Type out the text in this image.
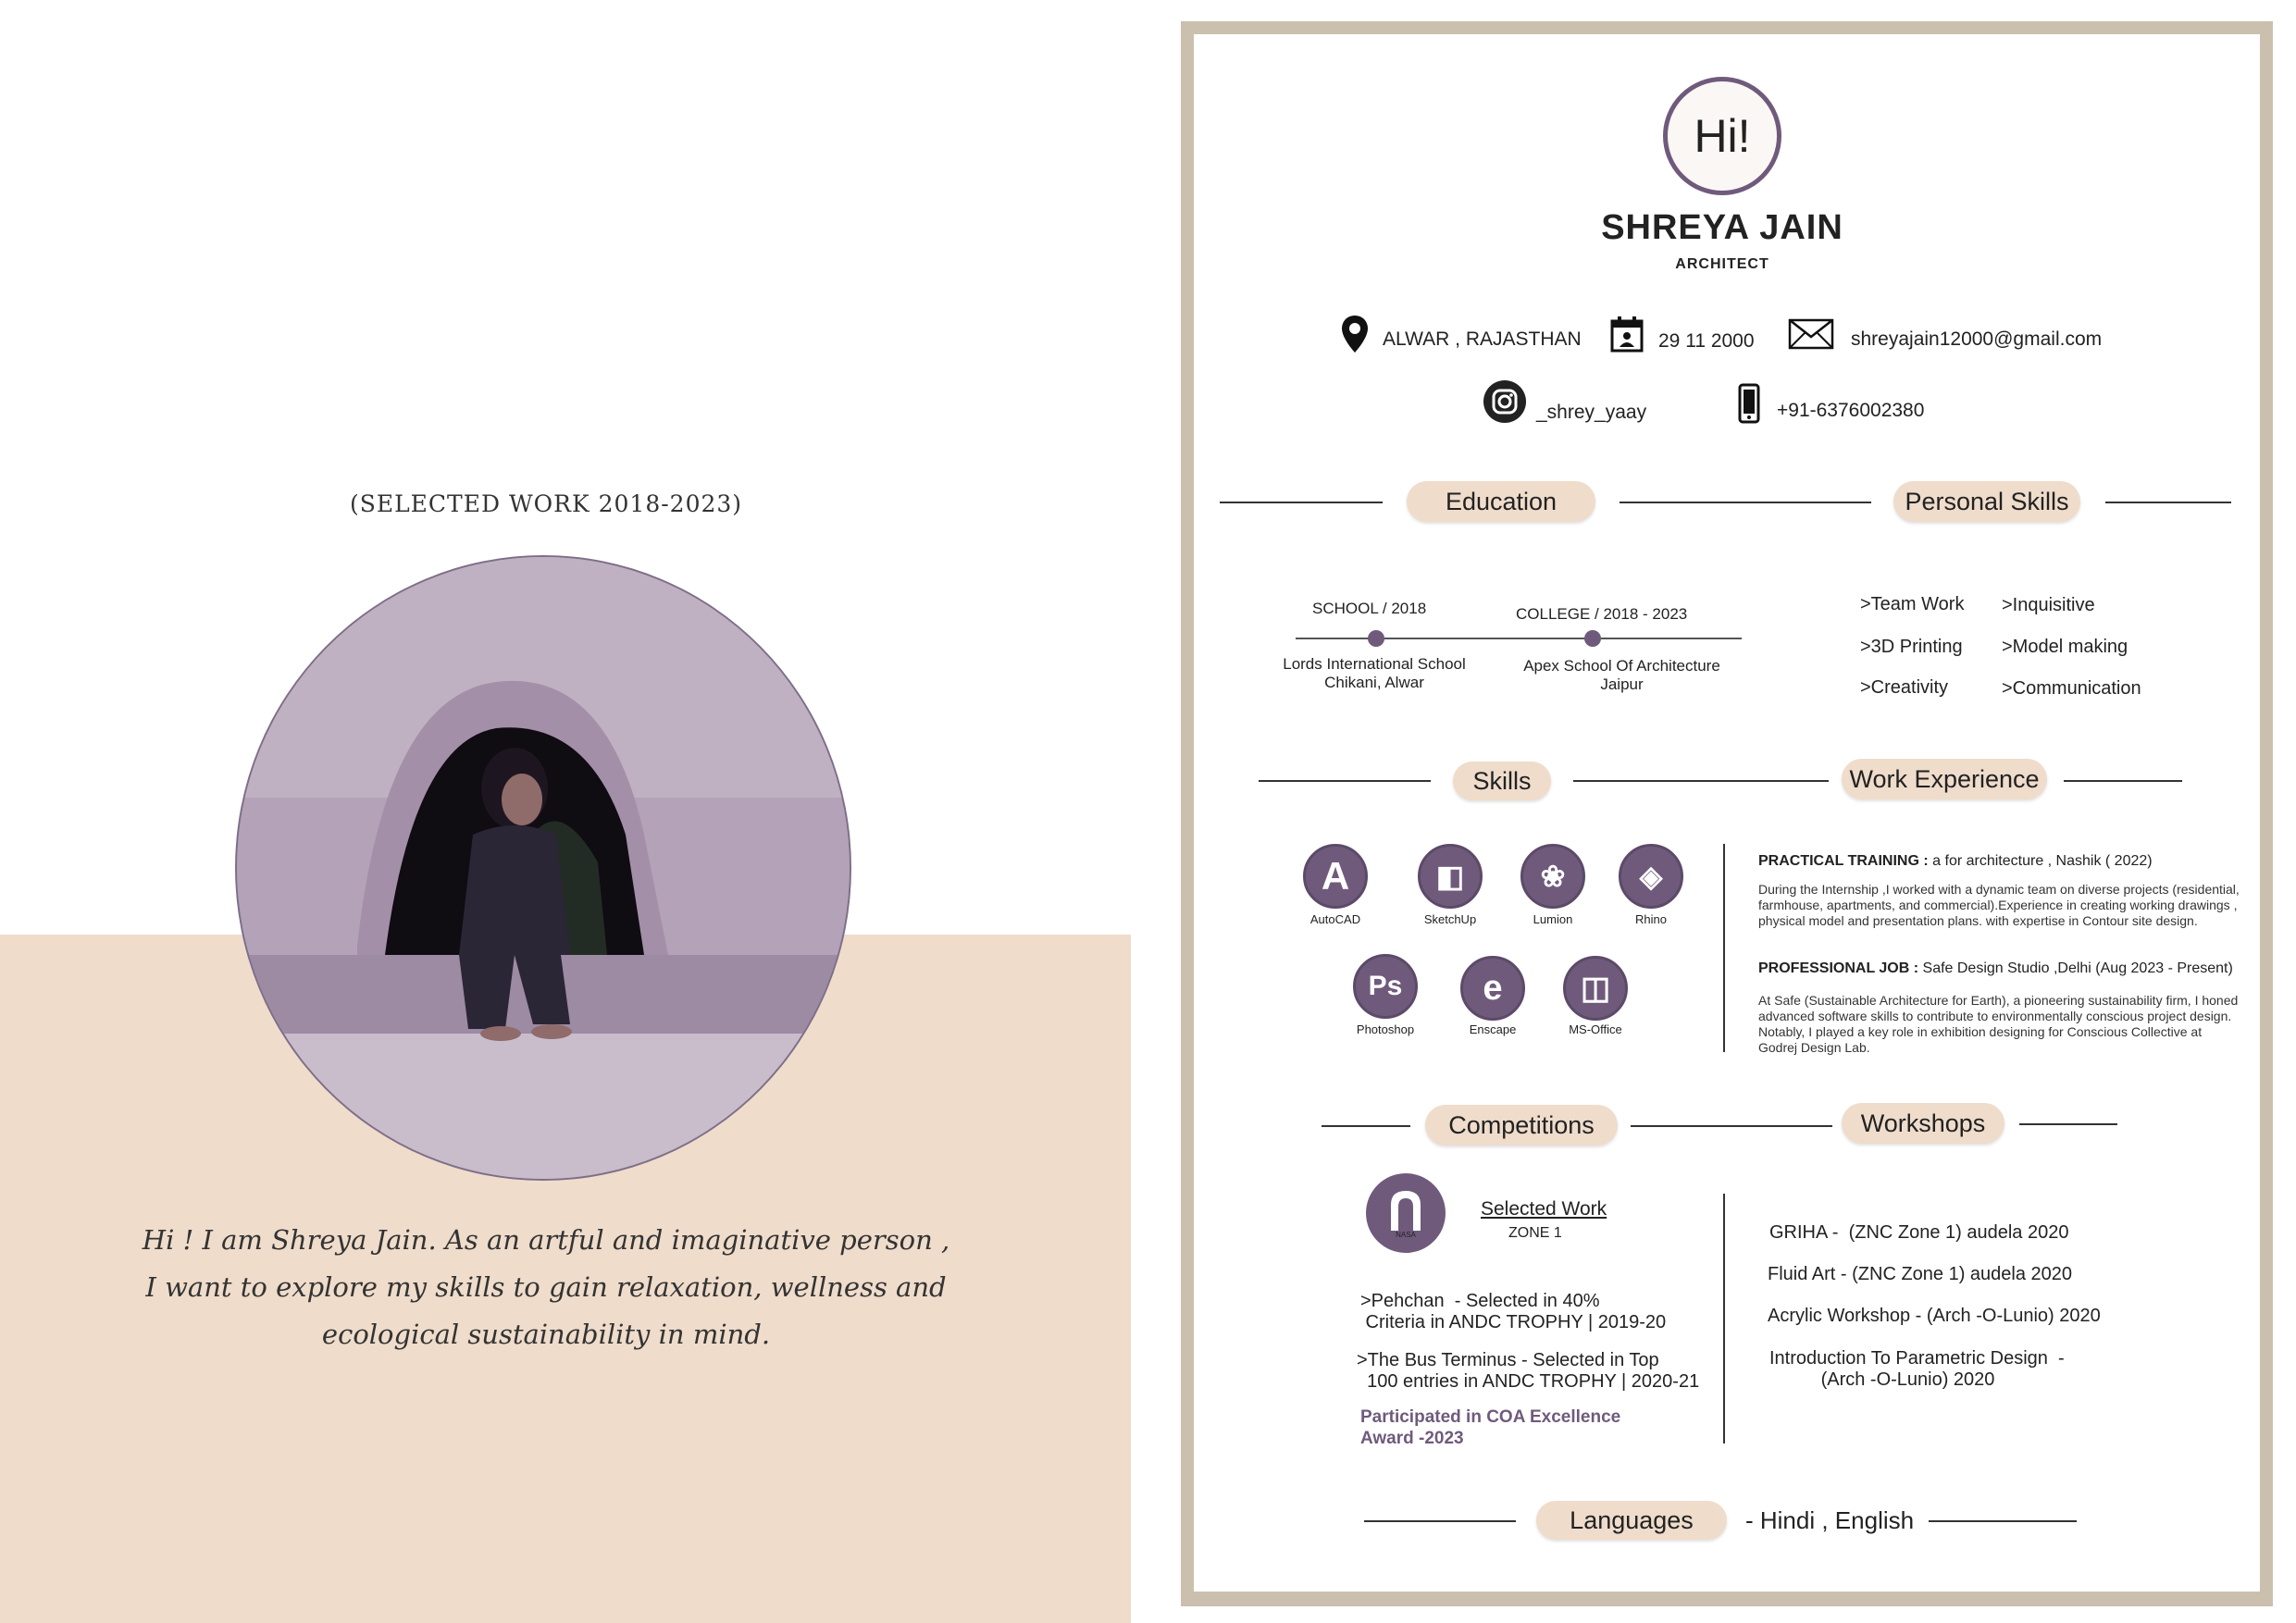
(SELECTED WORK 2018-2023)
Hi ! I am Shreya Jain. As an artful and imaginative person ,
I want to explore my skills to gain relaxation, wellness and
ecological sustainability in mind.
Hi!
SHREYA JAIN
ARCHITECT
ALWAR , RAJASTHAN	29 11 2000	shreyajain12000@gmail.com
_shrey_yaay	+91-6376002380
Education	Personal Skills
SCHOOL / 2018	COLLEGE / 2018 - 2023
Lords International School
Chikani, Alwar
Apex School Of Architecture
Jaipur
>Team Work >Inquisitive
>3D Printing >Model making
>Creativity	>Communication
Skills	Work Experience
A
AutoCAD
◧
SketchUp
❀
Lumion
◈
Rhino
Ps
Photoshop
e
Enscape
◫
MS-Office
PRACTICAL TRAINING : a for architecture , Nashik ( 2022)
During the Internship ,I worked with a dynamic team on diverse projects (residential, farmhouse, apartments, and commercial).Experience in creating working drawings , physical model and presentation plans. with expertise in Contour site design.
PROFESSIONAL JOB : Safe Design Studio ,Delhi (Aug 2023 - Present)
At Safe (Sustainable Architecture for Earth), a pioneering sustainability firm, I honed advanced software skills to contribute to environmentally conscious project design. Notably, I played a key role in exhibition designing for Conscious Collective at Godrej Design Lab.
Competitions	Workshops
NASA
Selected Work
ZONE 1
>Pehchan  - Selected in 40%
Criteria in ANDC TROPHY | 2019-20
>The Bus Terminus - Selected in Top
100 entries in ANDC TROPHY | 2020-21
Participated in COA Excellence
Award -2023
GRIHA -  (ZNC Zone 1) audela 2020
Fluid Art - (ZNC Zone 1) audela 2020
Acrylic Workshop - (Arch -O-Lunio) 2020
Introduction To Parametric Design  -
(Arch -O-Lunio) 2020
Languages	- Hindi , English
